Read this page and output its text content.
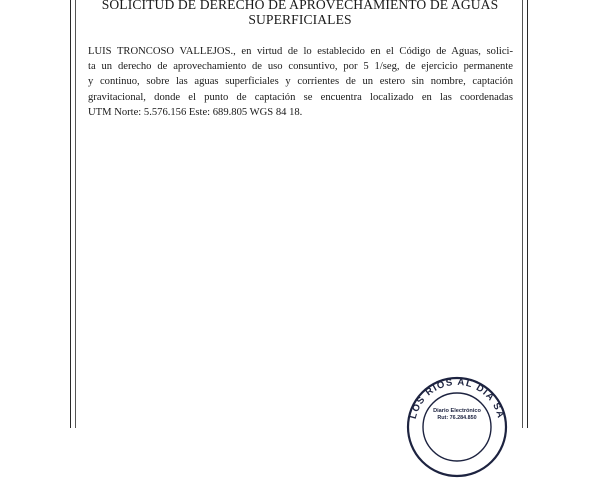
SOLICITUD DE DERECHO DE APROVECHAMIENTO DE AGUAS
SUPERFICIALES

LUIS TRONCOSO VALLEJOS., en virtud de lo establecido en el Código de Aguas, solici-
ta un derecho de aprovechamiento de uso consuntivo, por 5 1/seg, de ejercicio permanente
y continuo, sobre las aguas superficiales y corrientes de un estero sin nombre, captación
gravitacional, donde el punto de captación se encuentra localizado en las coordenadas
UTM Norte: 5.576.156 Este: 689.805 WGS 84 18.

LOS RIOS AL DIA SA
Diario Electrónico
Rut: 76.284.850
